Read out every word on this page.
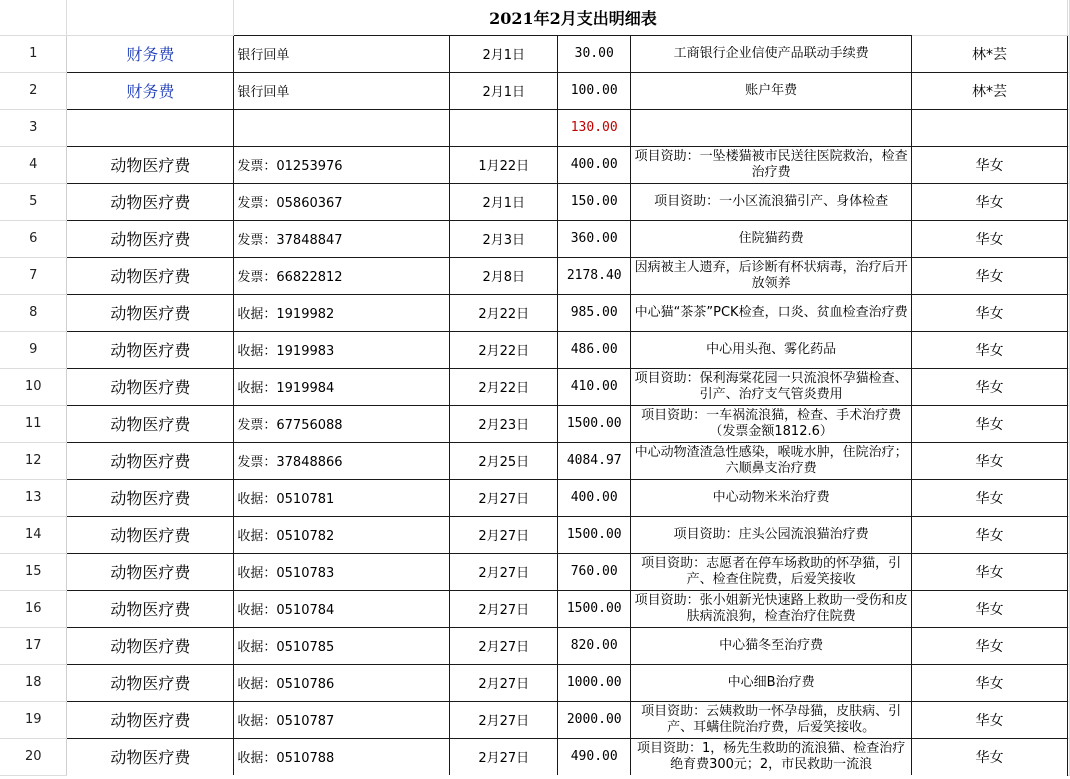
		2021年2月支出明细表					
1	财务费	银行回单	2月1日	30.00	工商银行企业信使产品联动手续费	林*芸	
2	财务费	银行回单	2月1日	100.00	账户年费	林*芸	
3				130.00	

4	动物医疗费	发票：01253976	1月22日	400.00	项目资助：一坠楼猫被市民送往医院救治，检查治疗费	华女	
5	动物医疗费	发票：05860367	2月1日	150.00	项目资助：一小区流浪猫引产、身体检查	华女	
6	动物医疗费	发票：37848847	2月3日	360.00	住院猫药费	华女	
7	动物医疗费	发票：66822812	2月8日	2178.40	因病被主人遗弃，后诊断有杯状病毒，治疗后开放领养	华女	
8	动物医疗费	收据：1919982	2月22日	985.00	中心猫“茶茶”PCK检查，口炎、贫血检查治疗费	华女	
9	动物医疗费	收据：1919983	2月22日	486.00	中心用头孢、雾化药品	华女	
10	动物医疗费	收据：1919984	2月22日	410.00	项目资助：保利海棠花园一只流浪怀孕猫检查、引产、治疗支气管炎费用	华女	
11	动物医疗费	发票：67756088	2月23日	1500.00	项目资助：一车祸流浪猫，检查、手术治疗费（发票金额1812.6）	华女	
12	动物医疗费	发票：37848866	2月25日	4084.97	中心动物渣渣急性感染，喉咙水肿，住院治疗；六顺鼻支治疗费	华女	
13	动物医疗费	收据：0510781	2月27日	400.00	中心动物米米治疗费	华女	
14	动物医疗费	收据：0510782	2月27日	1500.00	项目资助：庄头公园流浪猫治疗费	华女	
15	动物医疗费	收据：0510783	2月27日	760.00	项目资助：志愿者在停车场救助的怀孕猫，引产、检查住院费，后爱笑接收	华女	
16	动物医疗费	收据：0510784	2月27日	1500.00	项目资助：张小姐新光快速路上救助一受伤和皮肤病流浪狗，检查治疗住院费	华女	
17	动物医疗费	收据：0510785	2月27日	820.00	中心猫冬至治疗费	华女	
18	动物医疗费	收据：0510786	2月27日	1000.00	中心细B治疗费	华女	
19	动物医疗费	收据：0510787	2月27日	2000.00	项目资助：云姨救助一怀孕母猫，皮肤病、引产、耳螨住院治疗费，后爱笑接收。	华女	
20	动物医疗费	收据：0510788	2月27日	490.00	项目资助：1，杨先生救助的流浪猫、检查治疗绝育费300元；2，市民救助一流浪	华女	
